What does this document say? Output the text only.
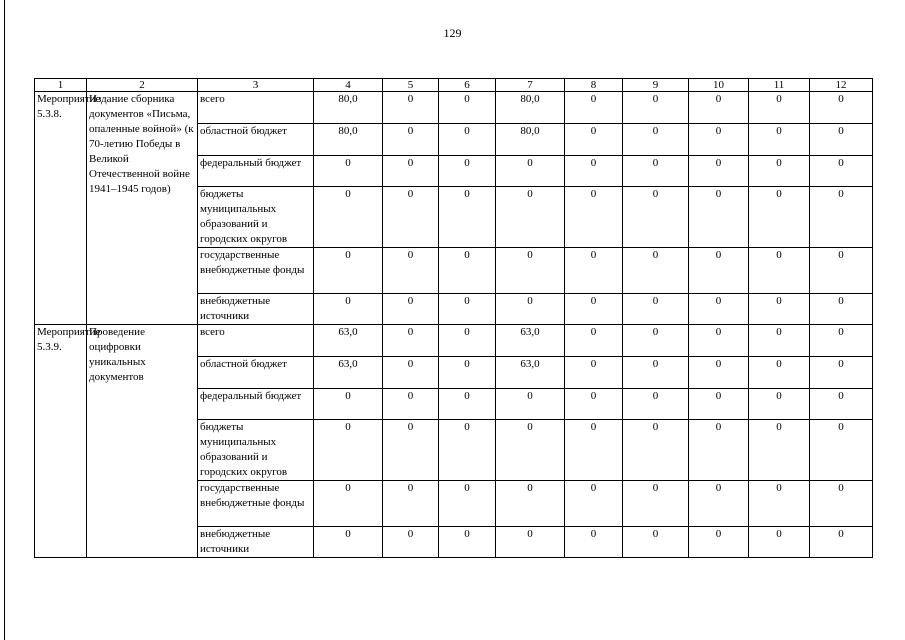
129
1	2	3	4	5	6	7	8	9	10	11	12
Мероприятие 5.3.8.	Издание сборника документов «Письма, опаленные войной» (к 70-летию Победы в Великой Отечественной войне 1941–1945 годов)	всего	80,0	0	0	80,0	0	0	0	0	0
		областной бюджет	80,0	0	0	80,0	0	0	0	0	0
		федеральный бюджет	0	0	0	0	0	0	0	0	0
		бюджеты муниципальных образований и городских округов	0	0	0	0	0	0	0	0	0
		государственные внебюджетные фонды	0	0	0	0	0	0	0	0	0
		внебюджетные источники	0	0	0	0	0	0	0	0	0
Мероприятие 5.3.9.	Проведение оцифровки уникальных документов	всего	63,0	0	0	63,0	0	0	0	0	0
		областной бюджет	63,0	0	0	63,0	0	0	0	0	0
		федеральный бюджет	0	0	0	0	0	0	0	0	0
		бюджеты муниципальных образований и городских округов	0	0	0	0	0	0	0	0	0
		государственные внебюджетные фонды	0	0	0	0	0	0	0	0	0
		внебюджетные источники	0	0	0	0	0	0	0	0	0
